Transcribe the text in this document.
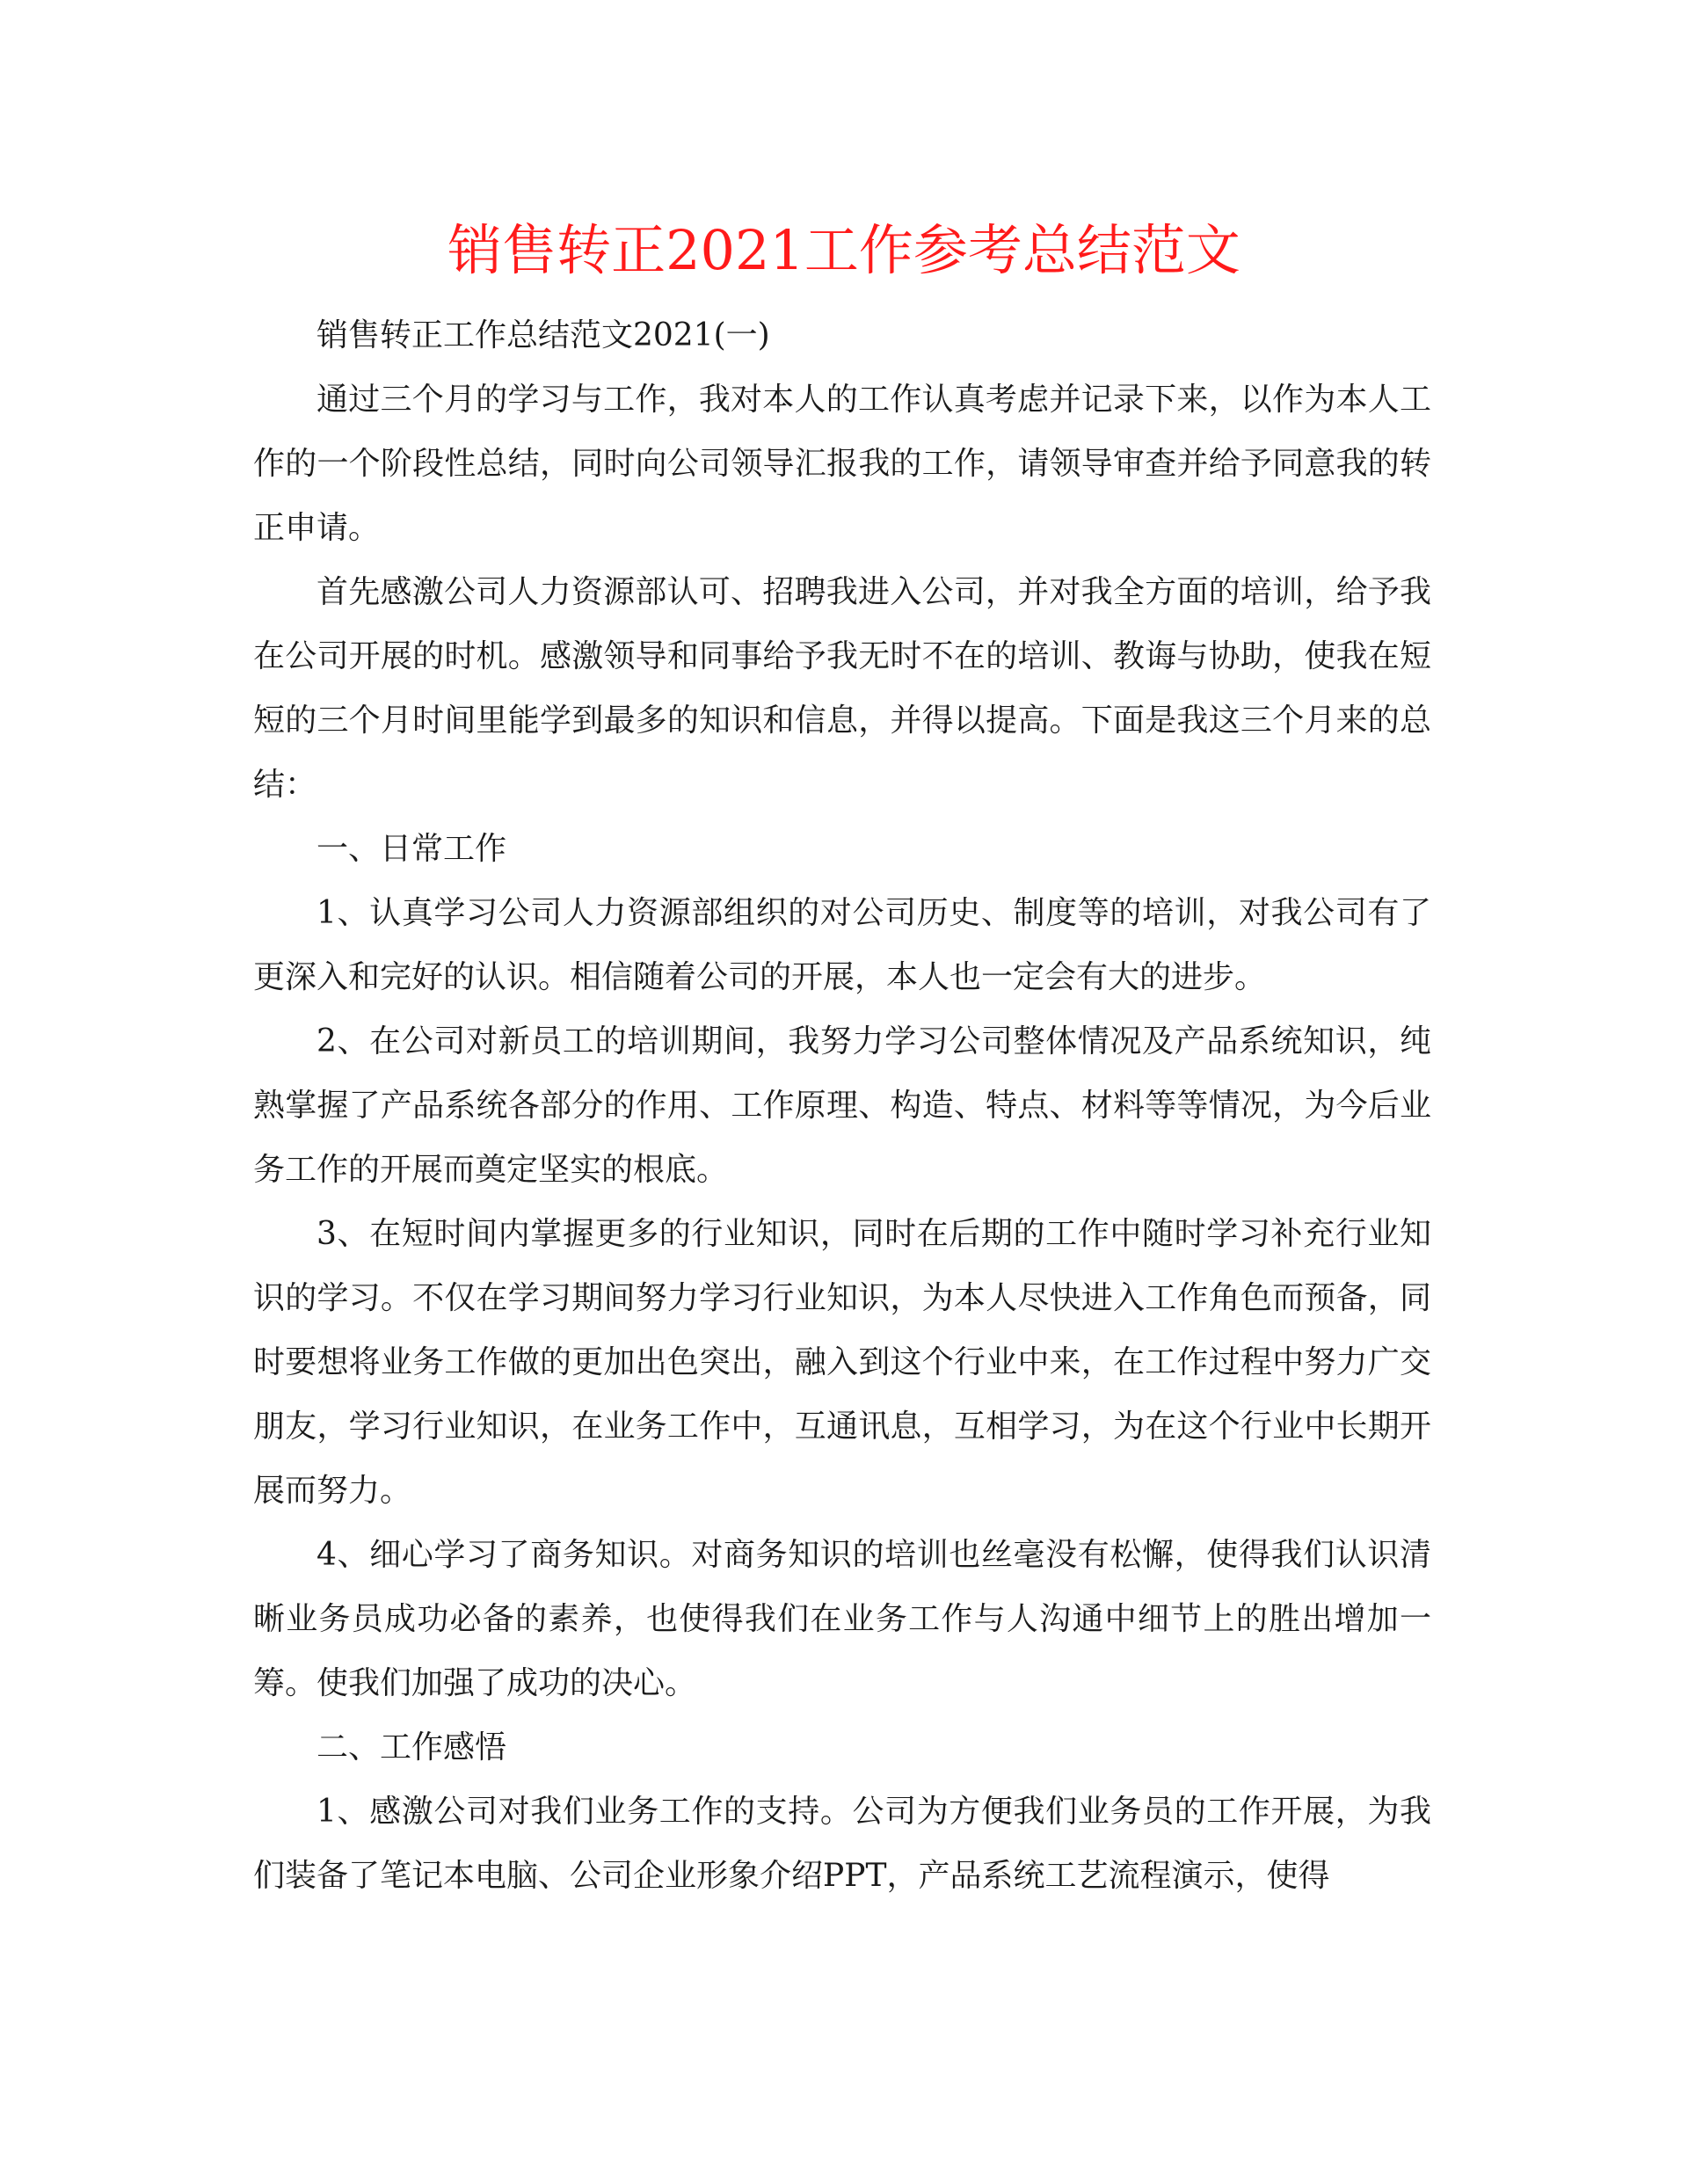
销售转正2021工作参考总结范文

销售转正工作总结范文2021(一)

通过三个月的学习与工作，我对本人的工作认真考虑并记录下来，以作为本人工作的一个阶段性总结，同时向公司领导汇报我的工作，请领导审查并给予同意我的转正申请。

首先感激公司人力资源部认可、招聘我进入公司，并对我全方面的培训，给予我在公司开展的时机。感激领导和同事给予我无时不在的培训、教诲与协助，使我在短短的三个月时间里能学到最多的知识和信息，并得以提高。下面是我这三个月来的总结：

一、日常工作

1、认真学习公司人力资源部组织的对公司历史、制度等的培训，对我公司有了更深入和完好的认识。相信随着公司的开展，本人也一定会有大的进步。

2、在公司对新员工的培训期间，我努力学习公司整体情况及产品系统知识，纯熟掌握了产品系统各部分的作用、工作原理、构造、特点、材料等等情况，为今后业务工作的开展而奠定坚实的根底。

3、在短时间内掌握更多的行业知识，同时在后期的工作中随时学习补充行业知识的学习。不仅在学习期间努力学习行业知识，为本人尽快进入工作角色而预备，同时要想将业务工作做的更加出色突出，融入到这个行业中来，在工作过程中努力广交朋友，学习行业知识，在业务工作中，互通讯息，互相学习，为在这个行业中长期开展而努力。

4、细心学习了商务知识。对商务知识的培训也丝毫没有松懈，使得我们认识清晰业务员成功必备的素养，也使得我们在业务工作与人沟通中细节上的胜出增加一筹。使我们加强了成功的决心。

二、工作感悟

1、感激公司对我们业务工作的支持。公司为方便我们业务员的工作开展，为我们装备了笔记本电脑、公司企业形象介绍PPT，产品系统工艺流程演示，使得
